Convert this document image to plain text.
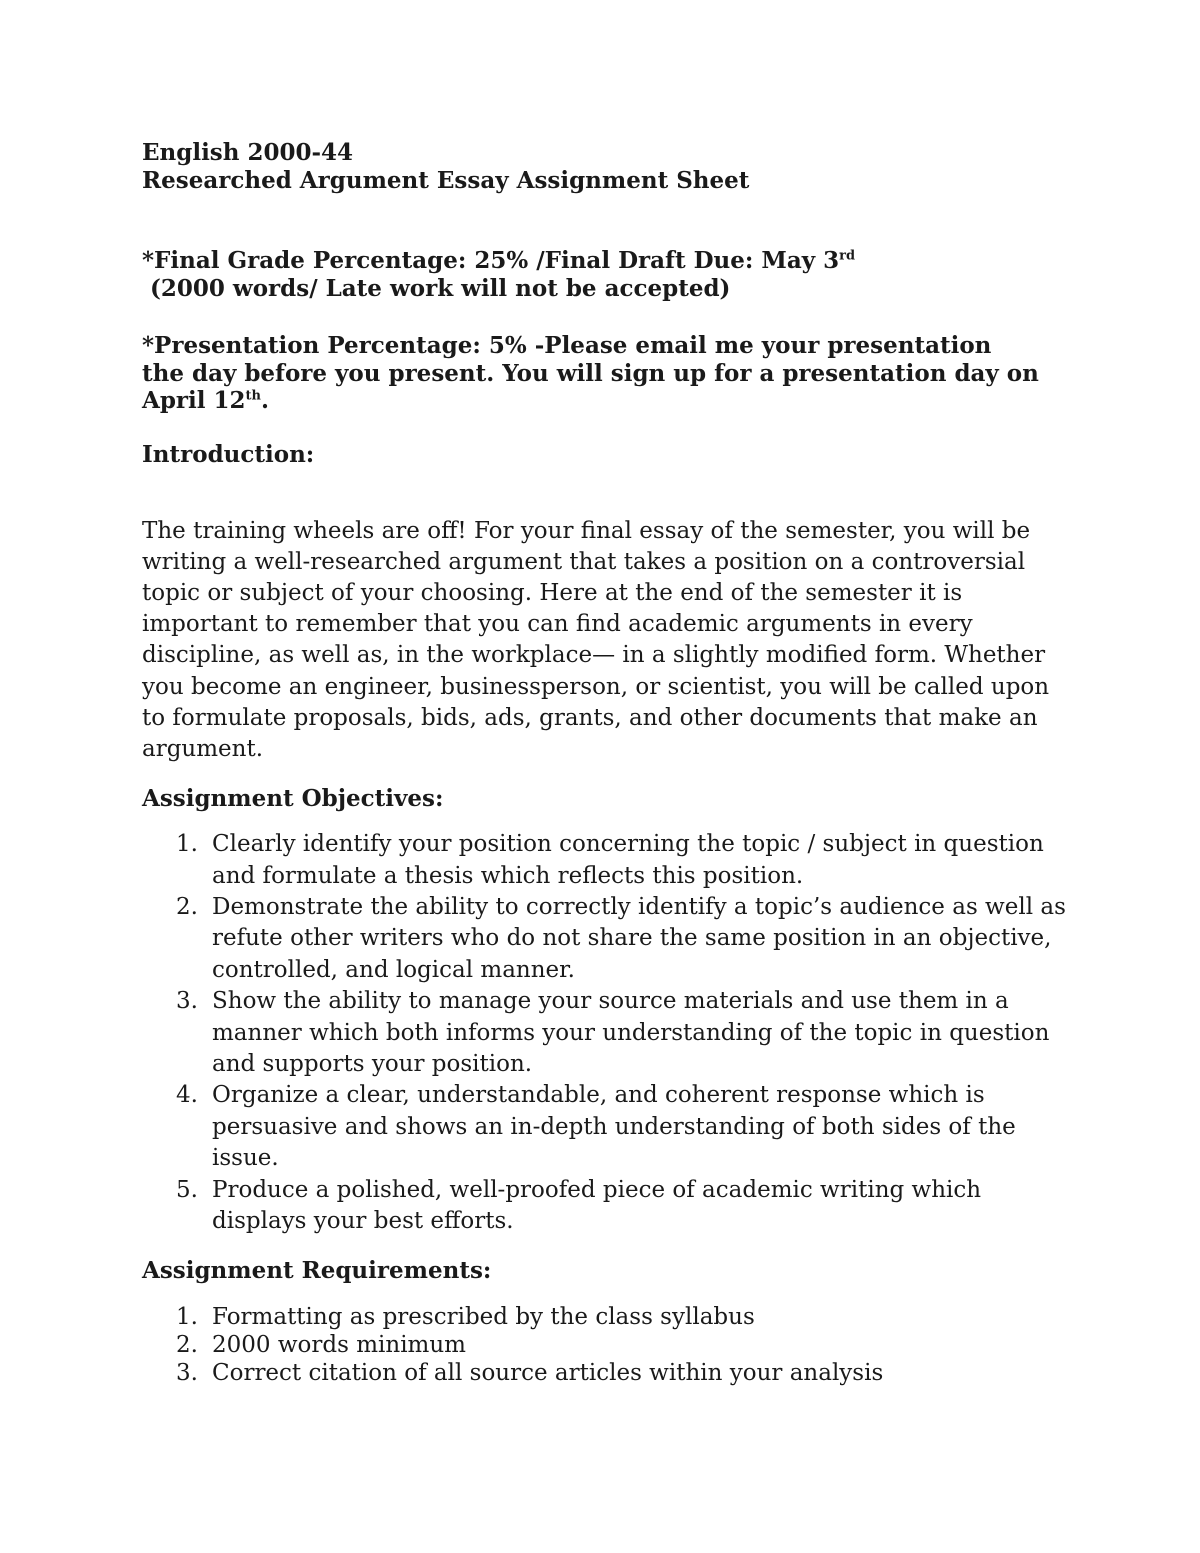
English 2000-44
Researched Argument Essay Assignment Sheet
*Final Grade Percentage: 25% /Final Draft Due: May 3rd
(2000 words/ Late work will not be accepted)
*Presentation Percentage: 5% -Please email me your presentation
the day before you present. You will sign up for a presentation day on
April 12th.
Introduction:
The training wheels are off! For your final essay of the semester, you will be writing a well-researched argument that takes a position on a controversial topic or subject of your choosing. Here at the end of the semester it is important to remember that you can find academic arguments in every discipline, as well as, in the workplace— in a slightly modified form. Whether you become an engineer, businessperson, or scientist, you will be called upon to formulate proposals, bids, ads, grants, and other documents that make an argument.
Assignment Objectives:
1. Clearly identify your position concerning the topic / subject in question and formulate a thesis which reflects this position.
2. Demonstrate the ability to correctly identify a topic’s audience as well as refute other writers who do not share the same position in an objective, controlled, and logical manner.
3. Show the ability to manage your source materials and use them in a manner which both informs your understanding of the topic in question and supports your position.
4. Organize a clear, understandable, and coherent response which is persuasive and shows an in-depth understanding of both sides of the issue.
5. Produce a polished, well-proofed piece of academic writing which displays your best efforts.
Assignment Requirements:
1. Formatting as prescribed by the class syllabus
2. 2000 words minimum
3. Correct citation of all source articles within your analysis
